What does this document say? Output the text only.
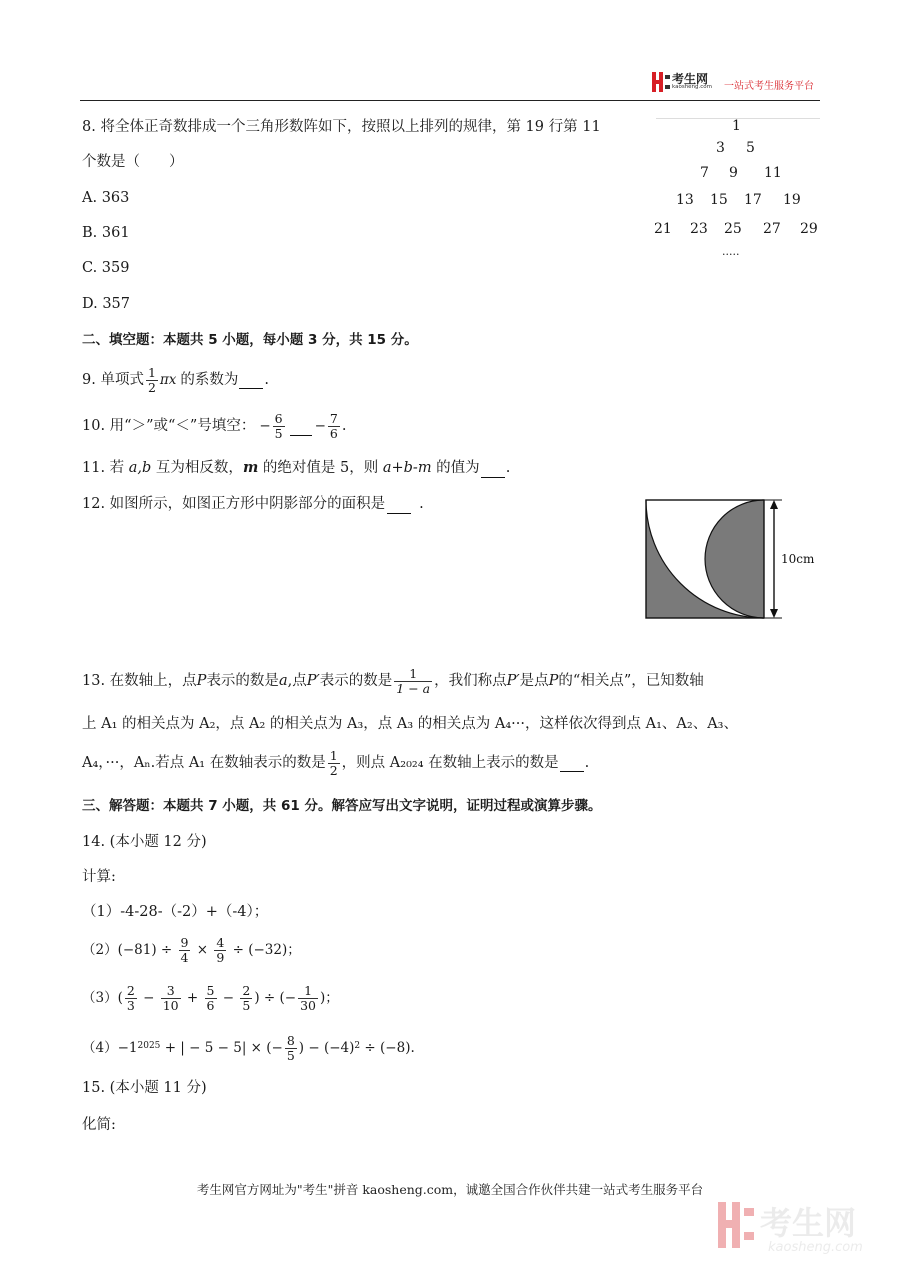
考生网
kaosheng.com 一站式考生服务平台
8. 将全体正奇数排成一个三角形数阵如下，按照以上排列的规律，第 19 行第 11
个数是（　　）
A. 363
B. 361
C. 359
D. 357
1
3 5
7 9 11
13 15 17 19
21 23 25 27 29
·····
二、填空题：本题共 5 小题，每小题 3 分，共 15 分。
9. 单项式 $\frac{1}{2}$ πx 的系数为 .
10. 用“＞”或“＜”号填空： − $\frac{6}{5} - \frac{7}{6}$ .
11. 若 a,b 互为相反数，m 的绝对值是 5，则 a+b-m 的值为 .
12. 如图所示，如图正方形中阴影部分的面积是 .
10cm
13. 在数轴上，点 P 表示的数是 a ,点 P′ 表示的数是 $\frac{1}{1 - a}$ ，我们称点 P′ 是点 P 的“相关点”，已知数轴
上 A₁ 的相关点为 A₂，点 A₂ 的相关点为 A₃，点 A₃ 的相关点为 A₄···，这样依次得到点 A₁、A₂、A₃、
A₄，···，Aₙ.若点 A₁ 在数轴表示的数是 $\frac{1}{2}$ ，则点 A₂₀₂₄ 在数轴上表示的数是 .
三、解答题：本题共 7 小题，共 61 分。解答应写出文字说明，证明过程或演算步骤。
14. (本小题 12 分)
计算:
（1）-4-28-（-2）+（-4）；
（2） $(-81) \div \frac{9}{4} \times \frac{4}{9} \div (-32)$；
（3） ( $\frac{2}{3} - \frac{3}{10} + \frac{5}{6} - \frac{2}{5}$ ) ÷ (− $\frac{1}{30}$ )；
（4） −1 2025 + | − 5 − 5| × (− $\frac{8}{5}$ ) − (−4) 2 ÷ (−8).
15. (本小题 11 分)
化简:
考生网官方网址为"考生"拼音 kaosheng.com，诚邀全国合作伙伴共建一站式考生服务平台
考生网
kaosheng.com
